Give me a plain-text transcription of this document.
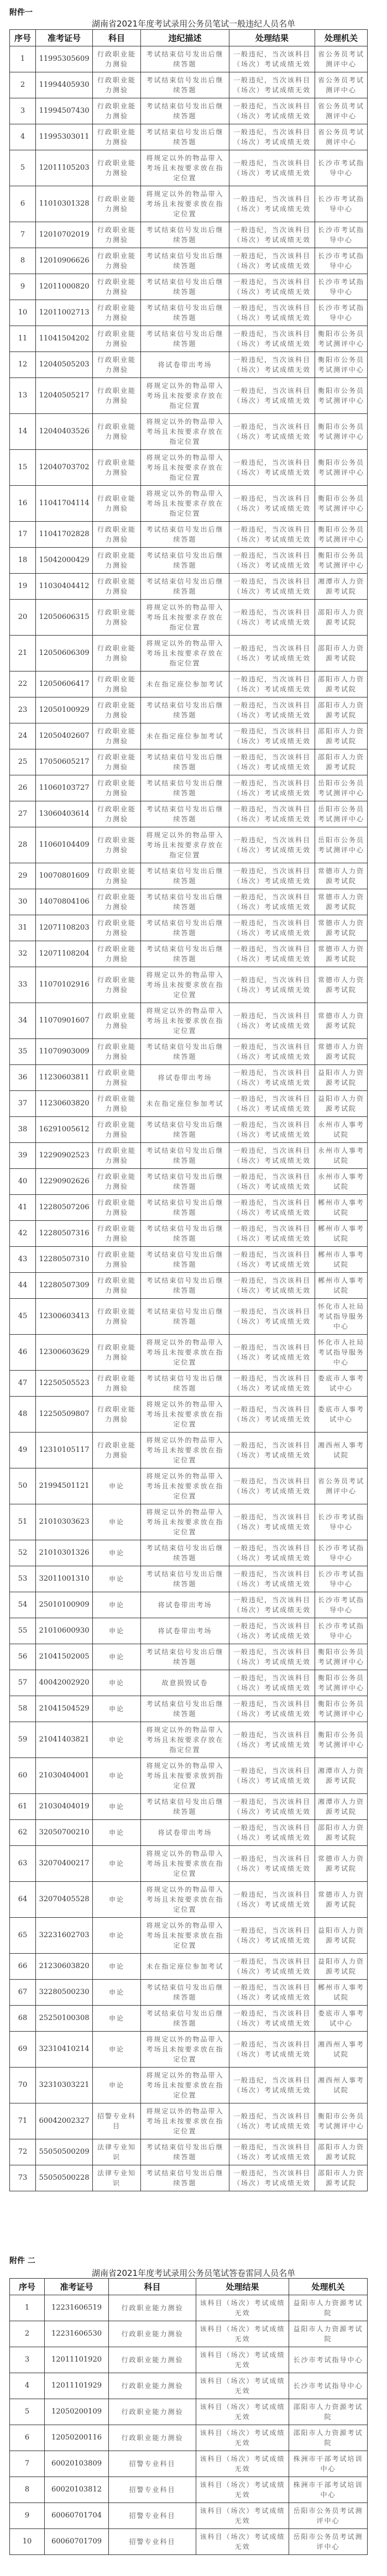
附件一
湖南省2021年度考试录用公务员笔试一般违纪人员名单
序号	准考证号	科目	违纪描述	处理结果	处理机关
1	11995305609	行政职业能力测验	考试结束信号发出后继续答题	一般违纪，当次该科目（场次）考试成绩无效	省公务员考试测评中心
2	11994405930	行政职业能力测验	考试结束信号发出后继续答题	一般违纪，当次该科目（场次）考试成绩无效	省公务员考试测评中心
3	11994507430	行政职业能力测验	考试结束信号发出后继续答题	一般违纪，当次该科目（场次）考试成绩无效	省公务员考试测评中心
4	11995303011	行政职业能力测验	考试结束信号发出后继续答题	一般违纪，当次该科目（场次）考试成绩无效	省公务员考试测评中心
5	12011105203	行政职业能力测验	将规定以外的物品带入考场且未按要求放在指定位置	一般违纪，当次该科目（场次）考试成绩无效	长沙市考试指导中心
6	11010301328	行政职业能力测验	将规定以外的物品带入考场且未按要求放在指定位置	一般违纪，当次该科目（场次）考试成绩无效	长沙市考试指导中心
7	12010702019	行政职业能力测验	考试结束信号发出后继续答题	一般违纪，当次该科目（场次）考试成绩无效	长沙市考试指导中心
8	12010906626	行政职业能力测验	考试结束信号发出后继续答题	一般违纪，当次该科目（场次）考试成绩无效	长沙市考试指导中心
9	12011000820	行政职业能力测验	考试结束信号发出后继续答题	一般违纪，当次该科目（场次）考试成绩无效	长沙市考试指导中心
10	12011002713	行政职业能力测验	考试结束信号发出后继续答题	一般违纪，当次该科目（场次）考试成绩无效	长沙市考试指导中心
11	11041504202	行政职业能力测验	考试结束信号发出后继续答题	一般违纪，当次该科目（场次）考试成绩无效	衡阳市公务员考试测评中心
12	12040505203	行政职业能力测验	将试卷带出考场	一般违纪，当次该科目（场次）考试成绩无效	衡阳市公务员考试测评中心
13	12040505217	行政职业能力测验	将规定以外的物品带入考场且未按要求存放在指定位置	一般违纪，当次该科目（场次）考试成绩无效	衡阳市公务员考试测评中心
14	12040403526	行政职业能力测验	将规定以外的物品带入考场且未按要求存放在指定位置	一般违纪，当次该科目（场次）考试成绩无效	衡阳市公务员考试测评中心
15	12040703702	行政职业能力测验	将规定以外的物品带入考场且未按要求存放在指定位置	一般违纪，当次该科目（场次）考试成绩无效	衡阳市公务员考试测评中心
16	11041704114	行政职业能力测验	将规定以外的物品带入考场且未按要求存放在指定位置	一般违纪，当次该科目（场次）考试成绩无效	衡阳市公务员考试测评中心
17	11041702828	行政职业能力测验	考试结束信号发出后继续答题	一般违纪，当次该科目（场次）考试成绩无效	衡阳市公务员考试测评中心
18	15042000429	行政职业能力测验	考试结束信号发出后继续答题	一般违纪，当次该科目（场次）考试成绩无效	衡阳市公务员考试测评中心
19	11030404412	行政职业能力测验	考试结束信号发出后继续答题	一般违纪，当次该科目（场次）考试成绩无效	湘潭市人力资源考试院
20	12050606315	行政职业能力测验	将规定以外的物品带入考场且未按要求存放在指定位置	一般违纪，当次该科目（场次）考试成绩无效	邵阳市人力资源考试院
21	12050606309	行政职业能力测验	将规定以外的物品带入考场且未按要求存放在指定位置	一般违纪，当次该科目（场次）考试成绩无效	邵阳市人力资源考试院
22	12050606417	行政职业能力测验	未在指定座位参加考试	一般违纪，当次该科目（场次）考试成绩无效	邵阳市人力资源考试院
23	12050100929	行政职业能力测验	考试结束信号发出后继续答题	一般违纪，当次该科目（场次）考试成绩无效	邵阳市人力资源考试院
24	12050402607	行政职业能力测验	未在指定座位参加考试	一般违纪，当次该科目（场次）考试成绩无效	邵阳市人力资源考试院
25	17050605217	行政职业能力测验	考试结束信号发出后继续答题	一般违纪，当次该科目（场次）考试成绩无效	邵阳市人力资源考试院
26	11060103727	行政职业能力测验	考试结束信号发出后继续答题	一般违纪，当次该科目（场次）考试成绩无效	岳阳市公务员考试测评中心
27	13060403614	行政职业能力测验	考试结束信号发出后继续答题	一般违纪，当次该科目（场次）考试成绩无效	岳阳市公务员考试测评中心
28	11060104409	行政职业能力测验	将规定以外的物品带入考场且未按要求存放在指定位置	一般违纪，当次该科目（场次）考试成绩无效	岳阳市公务员考试测评中心
29	10070801609	行政职业能力测验	考试结束信号发出后继续答题	一般违纪，当次该科目（场次）考试成绩无效	常德市人力资源考试院
30	14070804106	行政职业能力测验	考试结束信号发出后继续答题	一般违纪，当次该科目（场次）考试成绩无效	常德市人力资源考试院
31	12071108203	行政职业能力测验	考试结束信号发出后继续答题	一般违纪，当次该科目（场次）考试成绩无效	常德市人力资源考试院
32	12071108204	行政职业能力测验	考试结束信号发出后继续答题	一般违纪，当次该科目（场次）考试成绩无效	常德市人力资源考试院
33	11070102916	行政职业能力测验	将规定以外的物品带入考场且未按要求放在指定位置	一般违纪，当次该科目（场次）考试成绩无效	常德市人力资源考试院
34	11070901607	行政职业能力测验	将规定以外的物品带入考场且未按要求放在指定位置	一般违纪，当次该科目（场次）考试成绩无效	常德市人力资源考试院
35	11070903009	行政职业能力测验	考试结束信号发出后继续答题	一般违纪，当次该科目（场次）考试成绩无效	常德市人力资源考试院
36	11230603811	行政职业能力测验	将试卷带出考场	一般违纪，当次该科目（场次）考试成绩无效	益阳市人力资源考试院
37	11230603820	行政职业能力测验	未在指定座位参加考试	一般违纪，当次该科目（场次）考试成绩无效	益阳市人力资源考试院
38	16291005612	行政职业能力测验	考试结束信号发出后继续答题	一般违纪，当次该科目（场次）考试成绩无效	永州市人事考试院
39	12290902523	行政职业能力测验	考试结束信号发出后继续答题	一般违纪，当次该科目（场次）考试成绩无效	永州市人事考试院
40	12290902626	行政职业能力测验	考试结束信号发出后继续答题	一般违纪，当次该科目（场次）考试成绩无效	永州市人事考试院
41	12280507206	行政职业能力测验	考试结束信号发出后继续答题	一般违纪，当次该科目（场次）考试成绩无效	郴州市人事考试院
42	12280507316	行政职业能力测验	考试结束信号发出后继续答题	一般违纪，当次该科目（场次）考试成绩无效	郴州市人事考试院
43	12280507310	行政职业能力测验	考试结束信号发出后继续答题	一般违纪，当次该科目（场次）考试成绩无效	郴州市人事考试院
44	12280507309	行政职业能力测验	考试结束信号发出后继续答题	一般违纪，当次该科目（场次）考试成绩无效	郴州市人事考试院
45	12300603413	行政职业能力测验	考试结束信号发出后继续答题	一般违纪，当次该科目（场次）考试成绩无效	怀化市人社局考试指导服务中心
46	12300603629	行政职业能力测验	将规定以外的物品带入考场且未按要求放在指定位置	一般违纪，当次该科目（场次）考试成绩无效	怀化市人社局考试指导服务中心
47	12250505523	行政职业能力测验	考试结束信号发出后继续答题	一般违纪，当次该科目（场次）考试成绩无效	娄底市人事考试中心
48	12250509807	行政职业能力测验	将规定以外的物品带入考场且未按要求放在指定位置	一般违纪，当次该科目（场次）考试成绩无效	娄底市人事考试中心
49	12310105117	行政职业能力测验	将规定以外的物品带入考场且未按要求放在指定位置	一般违纪，当次该科目（场次）考试成绩无效	湘西州人事考试院
50	21994501121	申论	将规定以外的物品带入考场且未按要求放在指定位置	一般违纪，当次该科目（场次）考试成绩无效	省公务员考试测评中心
51	21010303623	申论	将规定以外的物品带入考场且未按要求放在指定位置	一般违纪，当次该科目（场次）考试成绩无效	长沙市考试指导中心
52	21010301326	申论	考试结束信号发出后继续答题	一般违纪，当次该科目（场次）考试成绩无效	长沙市考试指导中心
53	32011001310	申论	考试结束信号发出后继续答题	一般违纪，当次该科目（场次）考试成绩无效	长沙市考试指导中心
54	25010100909	申论	将试卷带出考场	一般违纪，当次该科目（场次）考试成绩无效	长沙市考试指导中心
55	21010600930	申论	将试卷带出考场	一般违纪，当次该科目（场次）考试成绩无效	长沙市考试指导中心
56	21041502005	申论	考试结束信号发出后继续答题	一般违纪，当次该科目（场次）考试成绩无效	衡阳市公务员考试测评中心
57	40042002920	申论	故意损毁试卷	一般违纪，当次该科目（场次）考试成绩无效	衡阳市公务员考试测评中心
58	21041504529	申论	考试结束信号发出后继续答题	一般违纪，当次该科目（场次）考试成绩无效	衡阳市公务员考试测评中心
59	21041403821	申论	将规定以外的物品带入考场且未按要求存放在指定位置	一般违纪，当次该科目（场次）考试成绩无效	衡阳市公务员考试测评中心
60	21030404001	申论	将规定以外的物品带入考场且未按要求放到指定位置	一般违纪，当次该科目（场次）考试成绩无效	湘潭市人力资源考试院
61	21030404019	申论	考试结束信号发出后继续答题	一般违纪，当次该科目（场次）考试成绩无效	湘潭市人力资源考试院
62	32050700210	申论	将试卷带出考场	一般违纪，当次该科目（场次）考试成绩无效	邵阳市人力资源考试院
63	32070400217	申论	将规定以外的物品带入考场且未按要求放在指定位置	一般违纪，当次该科目（场次）考试成绩无效	常德市人力资源考试院
64	32070405528	申论	将规定以外的物品带入考场且未按要求放在指定位置	一般违纪，当次该科目（场次）考试成绩无效	常德市人力资源考试院
65	32231602703	申论	将规定以外的物品带入考场且未按要求放在指定位置	一般违纪，当次该科目（场次）考试成绩无效	益阳市人力资源考试院
66	21230603820	申论	未在指定座位参加考试	一般违纪，当次该科目（场次）考试成绩无效	益阳市人力资源考试院
67	32280500230	申论	考试结束信号发出后继续答题	一般违纪，当次该科目（场次）考试成绩无效	郴州市人事考试院
68	25250100308	申论	考试结束信号发出后继续答题	一般违纪，当次该科目（场次）考试成绩无效	娄底市人事考试中心
69	32310410214	申论	将规定以外的物品带入考场且未按要求放在指定位置	一般违纪，当次该科目（场次）考试成绩无效	湘西州人事考试院
70	32310303221	申论	将规定以外的物品带入考场且未按要求放在指定位置	一般违纪，当次该科目（场次）考试成绩无效	湘西州人事考试院
71	60042002327	招警专业科目	将规定以外的物品带入考场且未按要求放在指定位置	一般违纪，当次该科目（场次）考试成绩无效	衡阳市公务员考试测评中心
72	55050500209	法律专业知识	考试结束信号发出后继续答题	一般违纪，当次该科目（场次）考试成绩无效	邵阳市人力资源考试院
73	55050500228	法律专业知识	考试结束信号发出后继续答题	一般违纪，当次该科目（场次）考试成绩无效	邵阳市人力资源考试院
附件 二
湖南省2021年度考试录用公务员笔试答卷雷同人员名单
序号	准考证号	科目	处理结果	处理机关
1	12231606519	行政职业能力测验	该科目（场次）考试成绩无效	益阳市人力资源考试院
2	12231606530	行政职业能力测验	该科目（场次）考试成绩无效	益阳市人力资源考试院
3	12011101920	行政职业能力测验	该科目（场次）考试成绩无效	长沙市考试指导中心
4	12011101929	行政职业能力测验	该科目（场次）考试成绩无效	长沙市考试指导中心
5	12050200109	行政职业能力测验	该科目（场次）考试成绩无效	邵阳市人力资源考试院
6	12050200116	行政职业能力测验	该科目（场次）考试成绩无效	邵阳市人力资源考试院
7	60020103809	招警专业科目	该科目（场次）考试成绩无效	株洲市干部考试培训中心
8	60020103812	招警专业科目	该科目（场次）考试成绩无效	株洲市干部考试培训中心
9	60060701704	招警专业科目	该科目（场次）考试成绩无效	岳阳市公务员考试测评中心
10	60060701709	招警专业科目	该科目（场次）考试成绩无效	岳阳市公务员考试测评中心
